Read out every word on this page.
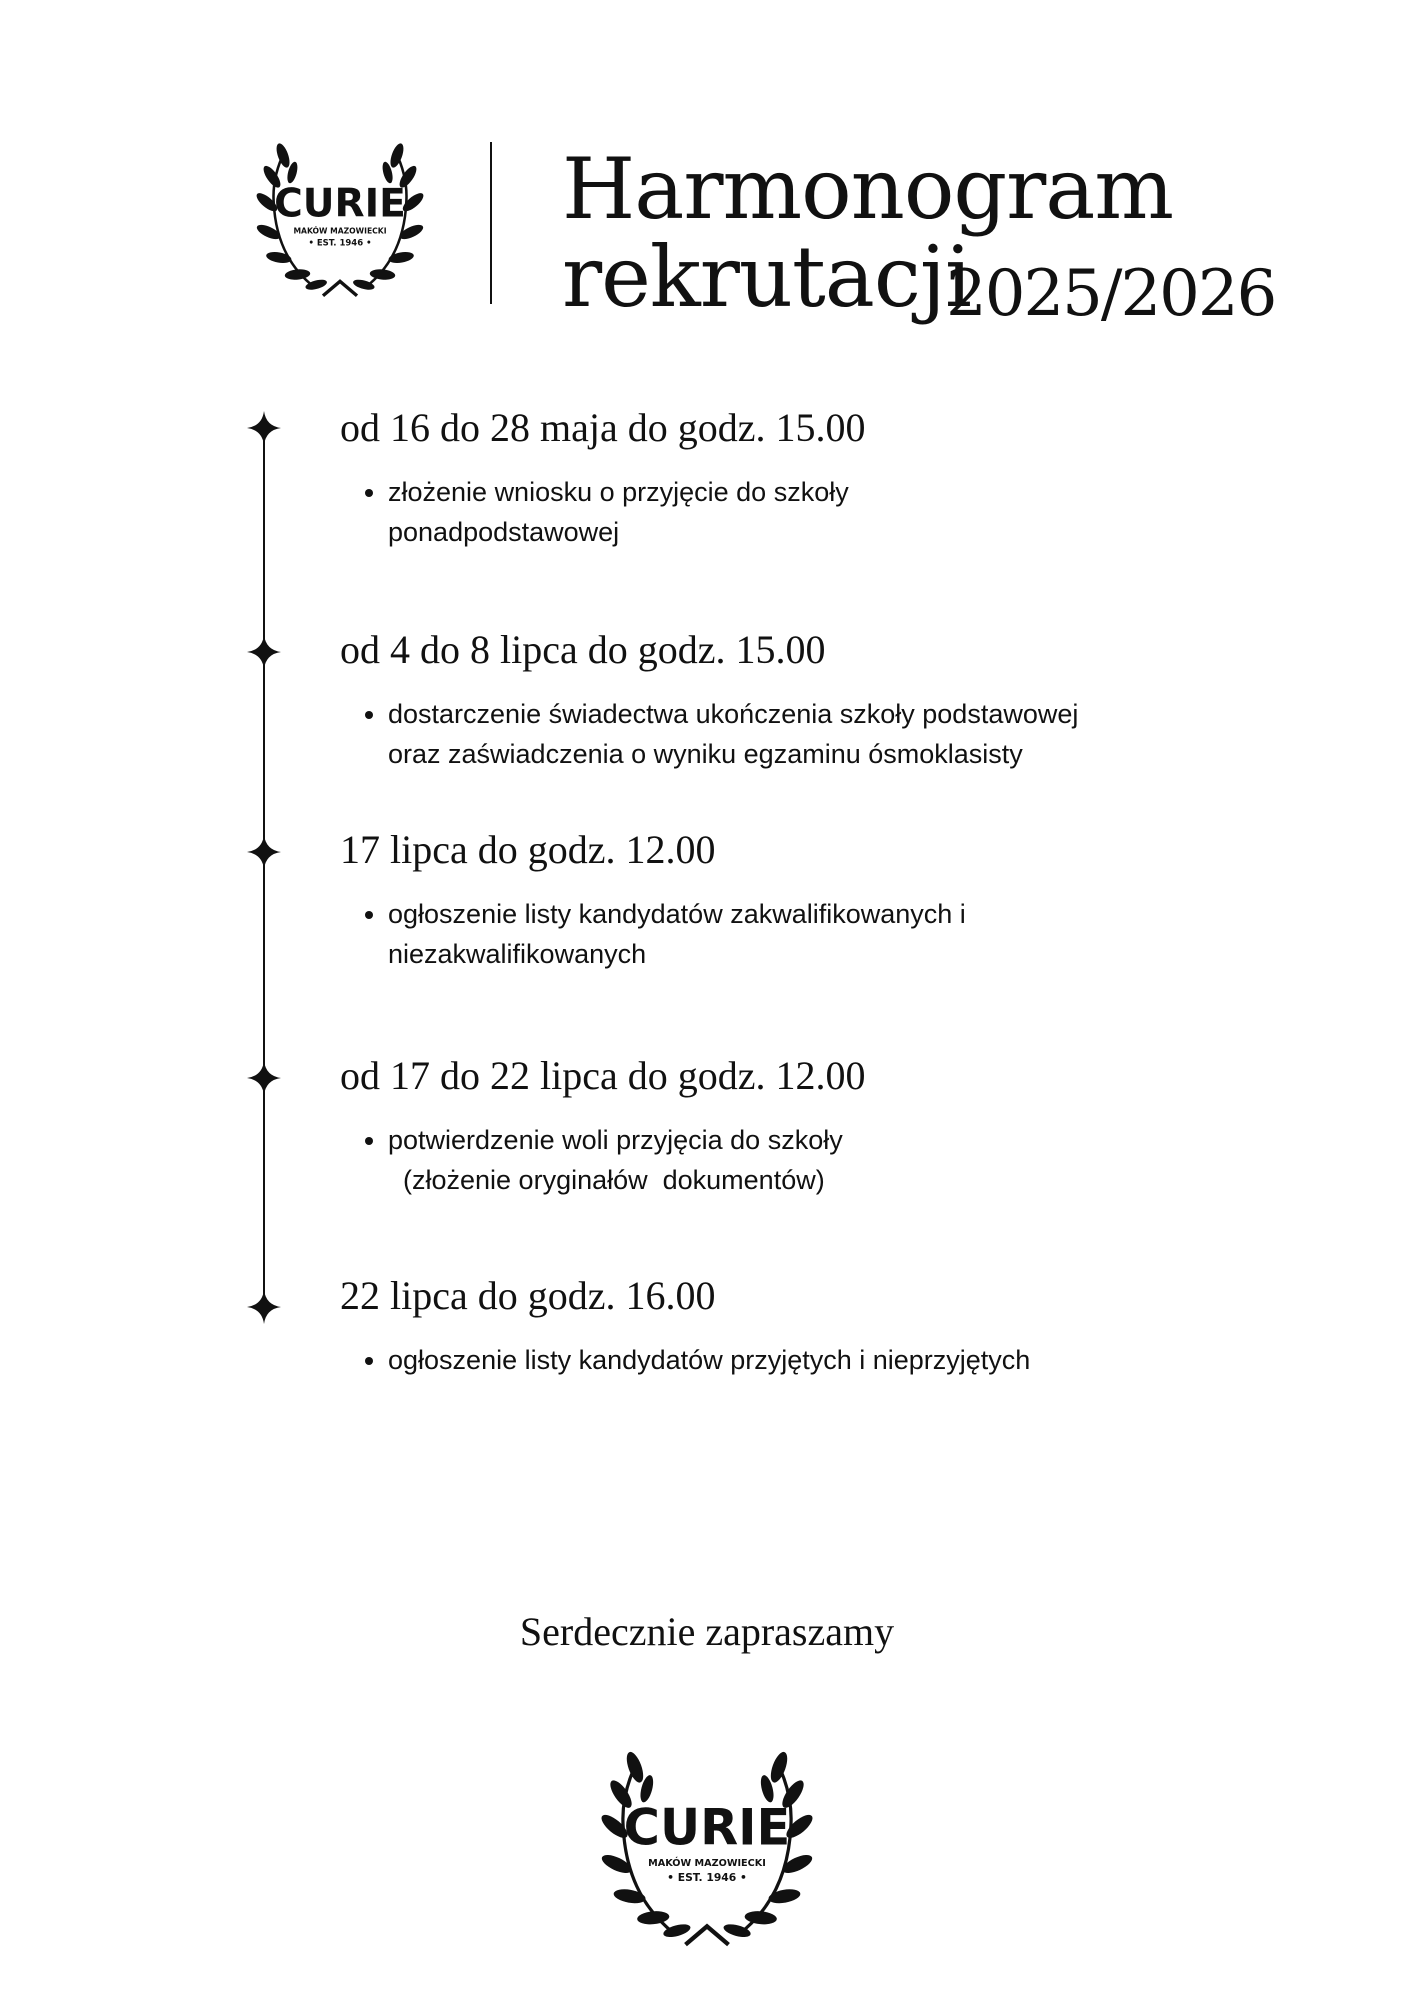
CURIE
MAKÓW MAZOWIECKI
• EST. 1946 •
Harmonogram
rekrutacji
2025/2026
od 16 do 28 maja do godz. 15.00
• złożenie wniosku o przyjęcie do szkoły
ponadpodstawowej
od 4 do 8 lipca do godz. 15.00
• dostarczenie świadectwa ukończenia szkoły podstawowej
oraz zaświadczenia o wyniku egzaminu ósmoklasisty
17 lipca do godz. 12.00
• ogłoszenie listy kandydatów zakwalifikowanych i
niezakwalifikowanych
od 17 do 22 lipca do godz. 12.00
• potwierdzenie woli przyjęcia do szkoły
(złożenie oryginałów  dokumentów)
22 lipca do godz. 16.00
• ogłoszenie listy kandydatów przyjętych i nieprzyjętych
Serdecznie zapraszamy
CURIE
MAKÓW MAZOWIECKI
• EST. 1946 •
